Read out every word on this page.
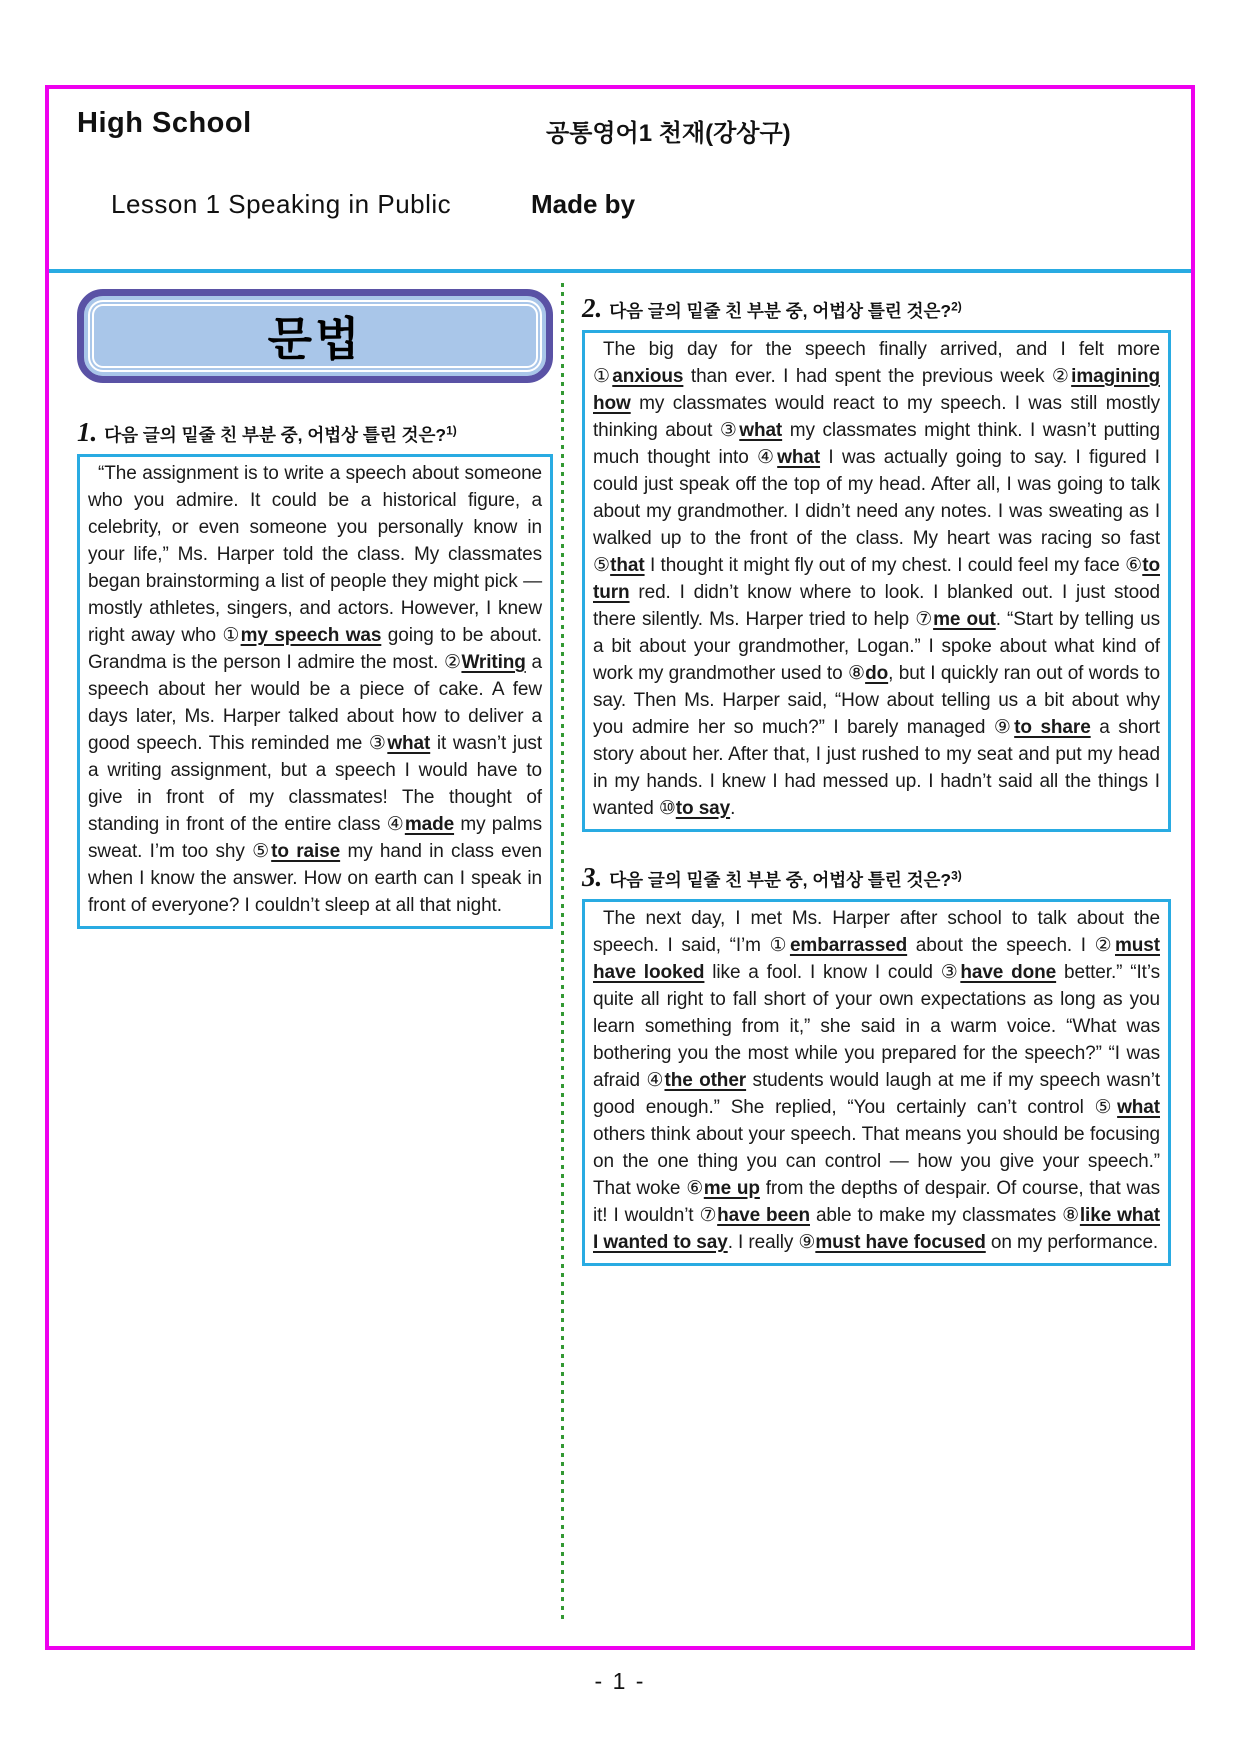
High School	공통영어1 천재(강상구)
Lesson 1 Speaking in Public	Made by
문법
1. 다음 글의 밑줄 친 부분 중, 어법상 틀린 것은?$^{1)}$
“The assignment is to write a speech about someone who you admire. It could be a historical figure, a celebrity, or even someone you personally know in your life,” Ms. Harper told the class. My classmates began brainstorming a list of people they might pick — mostly athletes, singers, and actors. However, I knew right away who ①my speech was going to be about. Grandma is the person I admire the most. ②Writing a speech about her would be a piece of cake. A few days later, Ms. Harper talked about how to deliver a good speech. This reminded me ③what it wasn’t just a writing assignment, but a speech I would have to give in front of my classmates! The thought of standing in front of the entire class ④made my palms sweat. I’m too shy ⑤to raise my hand in class even when I know the answer. How on earth can I speak in front of everyone? I couldn’t sleep at all that night.
2. 다음 글의 밑줄 친 부분 중, 어법상 틀린 것은?$^{2)}$
The big day for the speech finally arrived, and I felt more ①anxious than ever. I had spent the previous week ②imagining how my classmates would react to my speech. I was still mostly thinking about ③what my classmates might think. I wasn’t putting much thought into ④what I was actually going to say. I figured I could just speak off the top of my head. After all, I was going to talk about my grandmother. I didn’t need any notes. I was sweating as I walked up to the front of the class. My heart was racing so fast ⑤that I thought it might fly out of my chest. I could feel my face ⑥to turn red. I didn’t know where to look. I blanked out. I just stood there silently. Ms. Harper tried to help ⑦me out. “Start by telling us a bit about your grandmother, Logan.” I spoke about what kind of work my grandmother used to ⑧do, but I quickly ran out of words to say. Then Ms. Harper said, “How about telling us a bit about why you admire her so much?” I barely managed ⑨to share a short story about her. After that, I just rushed to my seat and put my head in my hands. I knew I had messed up. I hadn’t said all the things I wanted ⑩to say.
3. 다음 글의 밑줄 친 부분 중, 어법상 틀린 것은?$^{3)}$
The next day, I met Ms. Harper after school to talk about the speech. I said, “I’m ①embarrassed about the speech. I ②must have looked like a fool. I know I could ③have done better.” “It’s quite all right to fall short of your own expectations as long as you learn something from it,” she said in a warm voice. “What was bothering you the most while you prepared for the speech?” “I was afraid ④the other students would laugh at me if my speech wasn’t good enough.” She replied, “You certainly can’t control ⑤what others think about your speech. That means you should be focusing on the one thing you can control — how you give your speech.” That woke ⑥me up from the depths of despair. Of course, that was it! I wouldn’t ⑦have been able to make my classmates ⑧like what I wanted to say. I really ⑨must have focused on my performance.
- 1 -
